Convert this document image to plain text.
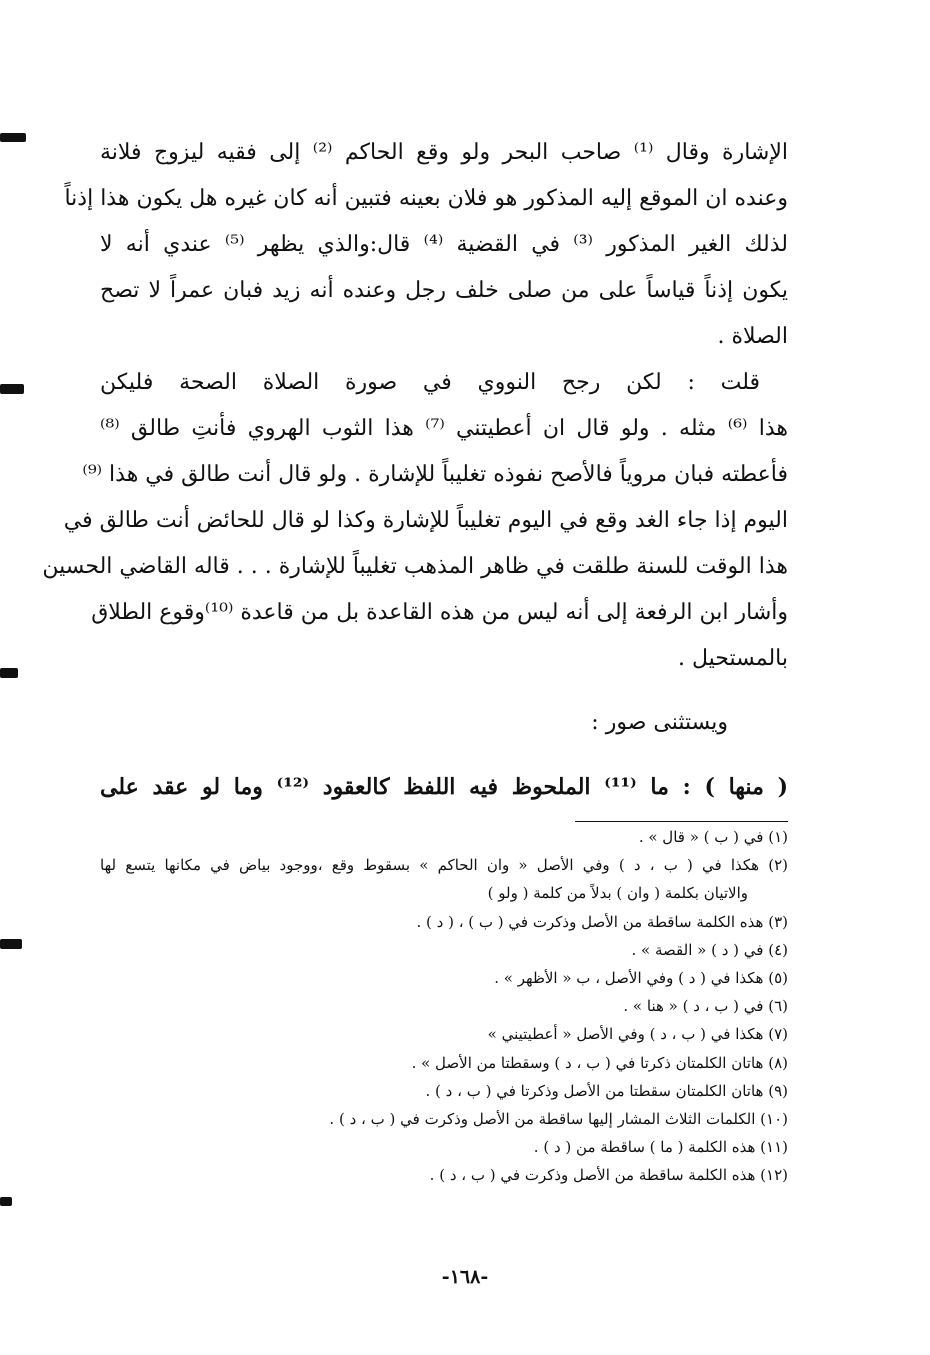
الإشارة وقال ⁽¹⁾ صاحب البحر ولو وقع الحاكم ⁽²⁾ إلى فقيه ليزوج فلانة
وعنده ان الموقع إليه المذكور هو فلان بعينه فتبين أنه كان غيره هل يكون هذا إذناً
لذلك الغير المذكور ⁽³⁾ في القضية ⁽⁴⁾ قال:والذي يظهر ⁽⁵⁾ عندي أنه لا
يكون إذناً قياساً على من صلى خلف رجل وعنده أنه زيد فبان عمراً لا تصح
الصلاة .
قلت : لكن رجح النووي في صورة الصلاة الصحة فليكن
هذا ⁽⁶⁾ مثله . ولو قال ان أعطيتني ⁽⁷⁾ هذا الثوب الهروي فأنتِ طالق ⁽⁸⁾
فأعطته فبان مروياً فالأصح نفوذه تغليباً للإشارة . ولو قال أنت طالق في هذا ⁽⁹⁾
اليوم إذا جاء الغد وقع في اليوم تغليباً للإشارة وكذا لو قال للحائض أنت طالق في
هذا الوقت للسنة طلقت في ظاهر المذهب تغليباً للإشارة . . . قاله القاضي الحسين
وأشار ابن الرفعة إلى أنه ليس من هذه القاعدة بل من قاعدة ⁽¹⁰⁾وقوع الطلاق
بالمستحيل .
ويستثنى صور :
( منها ) : ما ⁽¹¹⁾ الملحوظ فيه اللفظ كالعقود ⁽¹²⁾ وما لو عقد على
(١) في ( ب ) « قال » .
(٢) هكذا في ( ب ، د ) وفي الأصل « وان الحاكم » بسقوط وقع ،ووجود بياض في مكانها يتسع لها
والاتيان بكلمة ( وان ) بدلاً من كلمة ( ولو )
(٣) هذه الكلمة ساقطة من الأصل وذكرت في ( ب ) ، ( د ) .
(٤) في ( د ) « القصة » .
(٥) هكذا في ( د ) وفي الأصل ، ب « الأظهر » .
(٦) في ( ب ، د ) « هنا » .
(٧) هكذا في ( ب ، د ) وفي الأصل « أعطيتيني »
(٨) هاتان الكلمتان ذكرتا في ( ب ، د ) وسقطتا من الأصل » .
(٩) هاتان الكلمتان سقطتا من الأصل وذكرتا في ( ب ، د ) .
(١٠) الكلمات الثلاث المشار إليها ساقطة من الأصل وذكرت في ( ب ، د ) .
(١١) هذه الكلمة ( ما ) ساقطة من ( د ) .
(١٢) هذه الكلمة ساقطة من الأصل وذكرت في ( ب ، د ) .
-١٦٨-
